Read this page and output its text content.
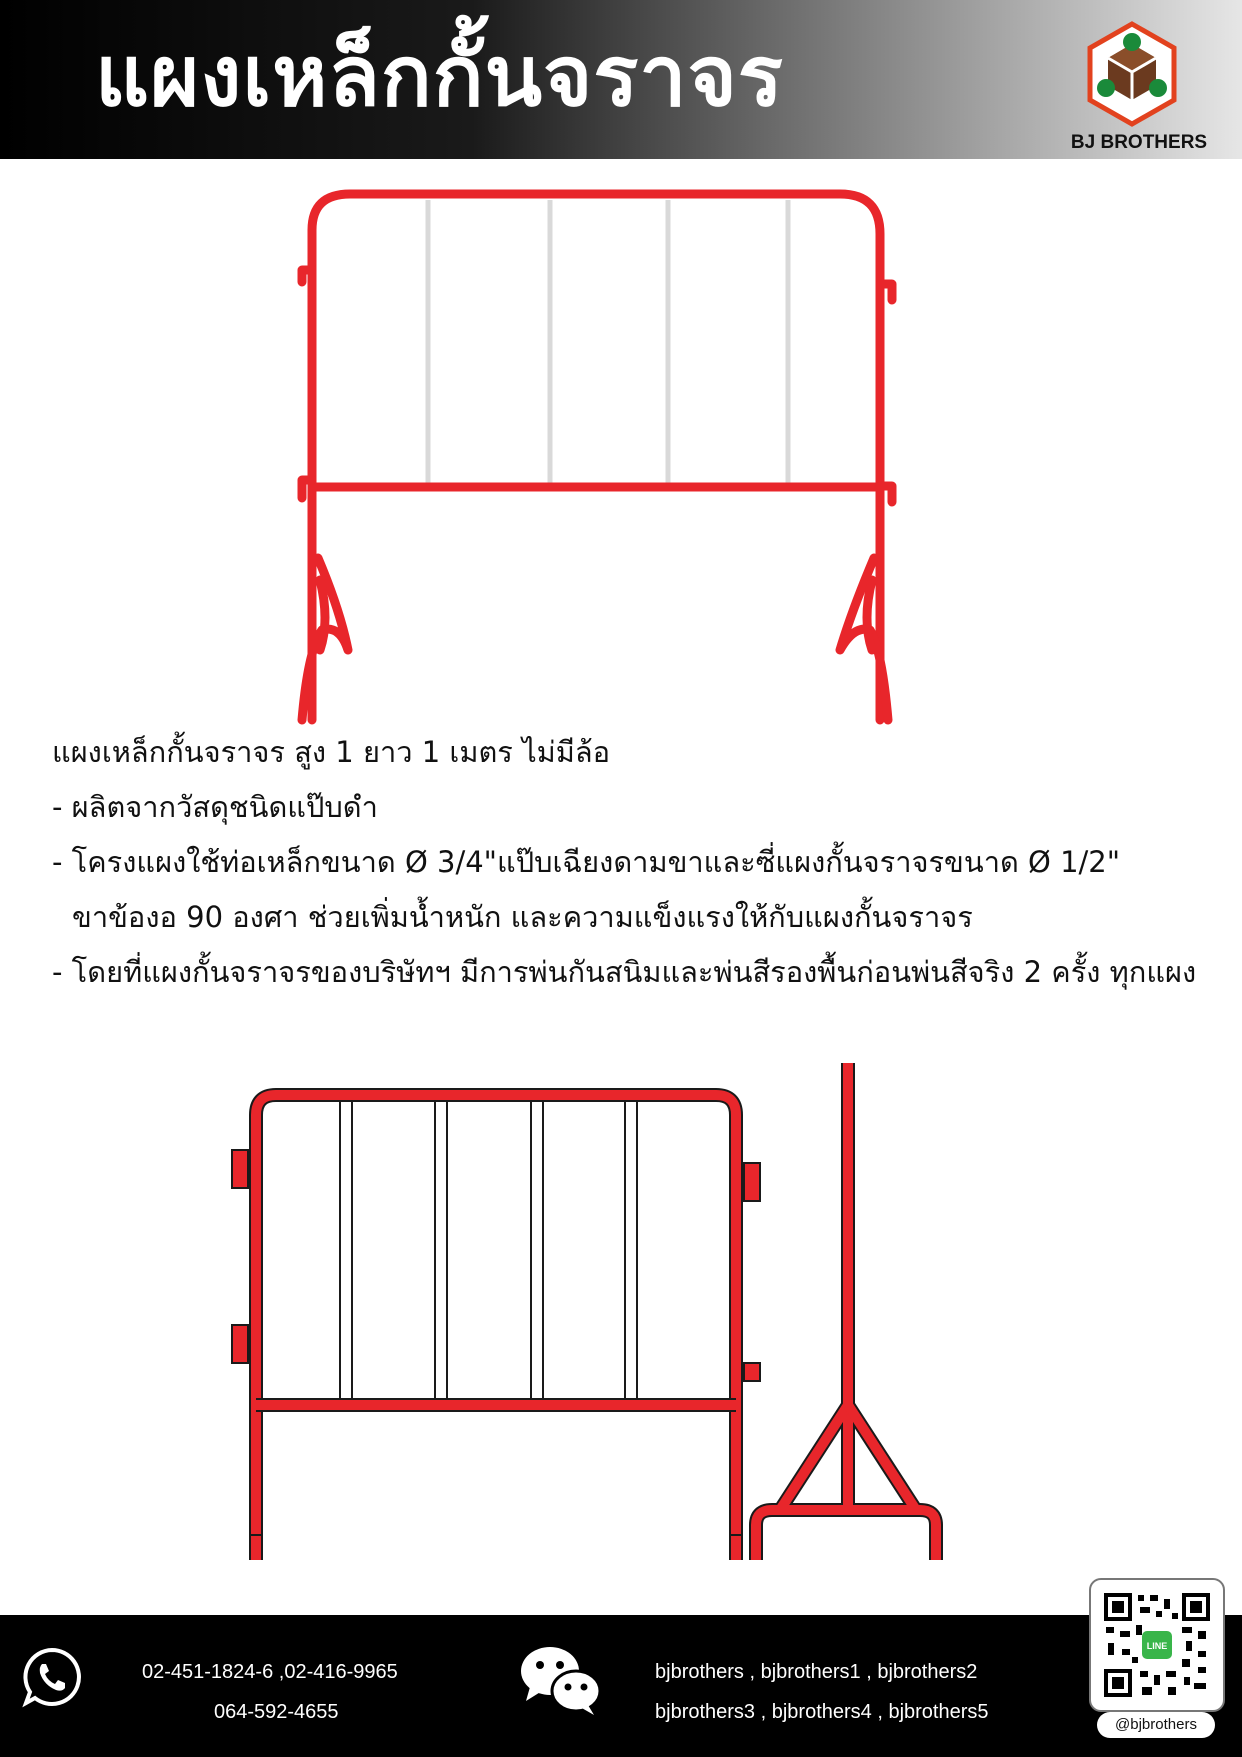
แผงเหล็กกั้นจราจร
BJ BROTHERS

แผงเหล็กกั้นจราจร สูง 1 ยาว 1 เมตร ไม่มีล้อ

- ผลิตจากวัสดุชนิดแป๊บดำ

- โครงแผงใช้ท่อเหล็กขนาด Ø 3/4"แป๊บเฉียงดามขาและซี่แผงกั้นจราจรขนาด Ø 1/2"

ขาข้องอ 90 องศา ช่วยเพิ่มน้ำหนัก และความแข็งแรงให้กับแผงกั้นจราจร

- โดยที่แผงกั้นจราจรของบริษัทฯ มีการพ่นกันสนิมและพ่นสีรองพื้นก่อนพ่นสีจริง 2 ครั้ง ทุกแผง

02-451-1824-6 ,02-416-9965
064-592-4655
bjbrothers , bjbrothers1 , bjbrothers2
bjbrothers3 , bjbrothers4 , bjbrothers5
LINE
@bjbrothers
